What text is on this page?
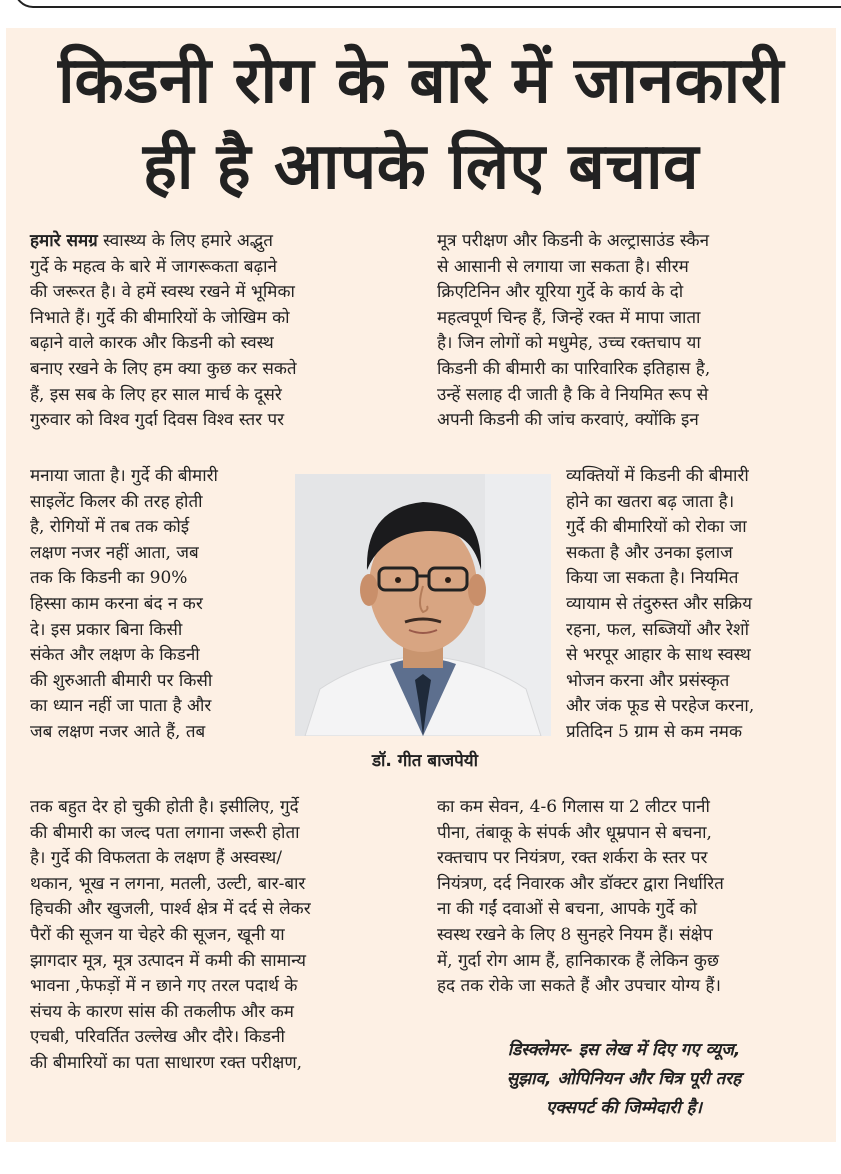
किडनी रोग के बारे में जानकारी
ही है आपके लिए बचाव

हमारे समग्र स्वास्थ्य के लिए हमारे अद्भुत

गुर्दे के महत्व के बारे में जागरूकता बढ़ाने

की जरूरत है। वे हमें स्वस्थ रखने में भूमिका

निभाते हैं। गुर्दे की बीमारियों के जोखिम को

बढ़ाने वाले कारक और किडनी को स्वस्थ

बनाए रखने के लिए हम क्या कुछ कर सकते

हैं, इस सब के लिए हर साल मार्च के दूसरे

गुरुवार को विश्व गुर्दा दिवस विश्व स्तर पर

मनाया जाता है। गुर्दे की बीमारी

साइलेंट किलर की तरह होती

है, रोगियों में तब तक कोई

लक्षण नजर नहीं आता, जब

तक कि किडनी का 90%

हिस्सा काम करना बंद न कर

दे। इस प्रकार बिना किसी

संकेत और लक्षण के किडनी

की शुरुआती बीमारी पर किसी

का ध्यान नहीं जा पाता है और

जब लक्षण नजर आते हैं, तब

तक बहुत देर हो चुकी होती है। इसीलिए, गुर्दे

की बीमारी का जल्द पता लगाना जरूरी होता

है। गुर्दे की विफलता के लक्षण हैं अस्वस्थ/

थकान, भूख न लगना, मतली, उल्टी, बार-बार

हिचकी और खुजली, पार्श्व क्षेत्र में दर्द से लेकर

पैरों की सूजन या चेहरे की सूजन, खूनी या

झागदार मूत्र, मूत्र उत्पादन में कमी की सामान्य

भावना ,फेफड़ों में न छाने गए तरल पदार्थ के

संचय के कारण सांस की तकलीफ और कम

एचबी, परिवर्तित उल्लेख और दौरे। किडनी

की बीमारियों का पता साधारण रक्त परीक्षण,

मूत्र परीक्षण और किडनी के अल्ट्रासाउंड स्कैन

से आसानी से लगाया जा सकता है। सीरम

क्रिएटिनिन और यूरिया गुर्दे के कार्य के दो

महत्वपूर्ण चिन्ह हैं, जिन्हें रक्त में मापा जाता

है। जिन लोगों को मधुमेह, उच्च रक्तचाप या

किडनी की बीमारी का पारिवारिक इतिहास है,

उन्हें सलाह दी जाती है कि वे नियमित रूप से

अपनी किडनी की जांच करवाएं, क्योंकि इन

व्यक्तियों में किडनी की बीमारी

होने का खतरा बढ़ जाता है।

गुर्दे की बीमारियों को रोका जा

सकता है और उनका इलाज

किया जा सकता है। नियमित

व्यायाम से तंदुरुस्त और सक्रिय

रहना, फल, सब्जियों और रेशों

से भरपूर आहार के साथ स्वस्थ

भोजन करना और प्रसंस्कृत

और जंक फूड से परहेज करना,

प्रतिदिन 5 ग्राम से कम नमक

का कम सेवन, 4-6 गिलास या 2 लीटर पानी

पीना, तंबाकू के संपर्क और धूम्रपान से बचना,

रक्तचाप पर नियंत्रण, रक्त शर्करा के स्तर पर

नियंत्रण, दर्द निवारक और डॉक्टर द्वारा निर्धारित

ना की गईं दवाओं से बचना, आपके गुर्दे को

स्वस्थ रखने के लिए 8 सुनहरे नियम हैं। संक्षेप

में, गुर्दा रोग आम हैं, हानिकारक हैं लेकिन कुछ

हद तक रोके जा सकते हैं और उपचार योग्य हैं।

डॉ. गीत बाजपेयी

डिस्क्लेमर- इस लेख में दिए गए व्यूज,

सुझाव, ओपिनियन और चित्र पूरी तरह

एक्सपर्ट की जिम्मेदारी है।
